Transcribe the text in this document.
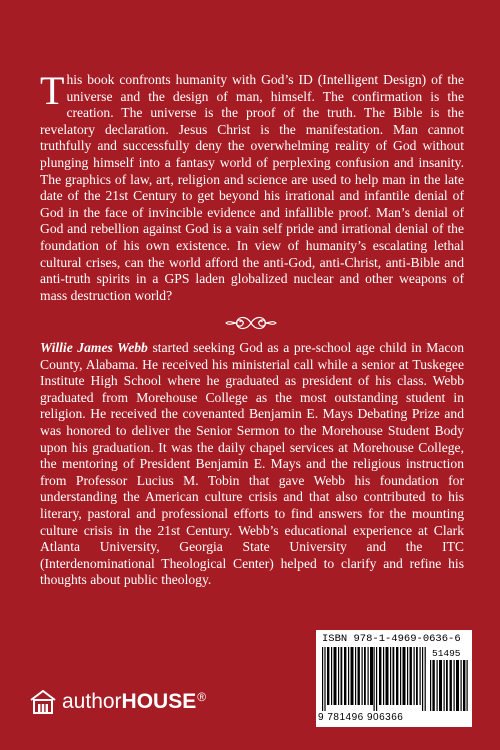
This book confronts humanity with God’s ID (Intelligent Design) of the universe and the design of man, himself. The confirmation is the creation. The universe is the proof of the truth. The Bible is the revelatory declaration. Jesus Christ is the manifestation. Man cannot truthfully and successfully deny the overwhelming reality of God without plunging himself into a fantasy world of perplexing confusion and insanity. The graphics of law, art, religion and science are used to help man in the late date of the 21st Century to get beyond his irrational and infantile denial of God in the face of invincible evidence and infallible proof. Man’s denial of God and rebellion against God is a vain self pride and irrational denial of the foundation of his own existence. In view of humanity’s escalating lethal cultural crises, can the world afford the anti-God, anti-Christ, anti-Bible and anti-truth spirits in a GPS laden globalized nuclear and other weapons of mass destruction world?

Willie James Webb started seeking God as a pre-school age child in Macon County, Alabama. He received his ministerial call while a senior at Tuskegee Institute High School where he graduated as president of his class. Webb graduated from Morehouse College as the most outstanding student in religion. He received the covenanted Benjamin E. Mays Debating Prize and was honored to deliver the Senior Sermon to the Morehouse Student Body upon his graduation. It was the daily chapel services at Morehouse College, the mentoring of President Benjamin E. Mays and the religious instruction from Professor Lucius M. Tobin that gave Webb his foundation for understanding the American culture crisis and that also contributed to his literary, pastoral and professional efforts to find answers for the mounting culture crisis in the 21st Century. Webb’s educational experience at Clark Atlanta University, Georgia State University and the ITC (Interdenominational Theological Center) helped to clarify and refine his thoughts about public theology.

authorHOUSE®
ISBN 978-1-4969-0636-6
51495
9 781496 906366
